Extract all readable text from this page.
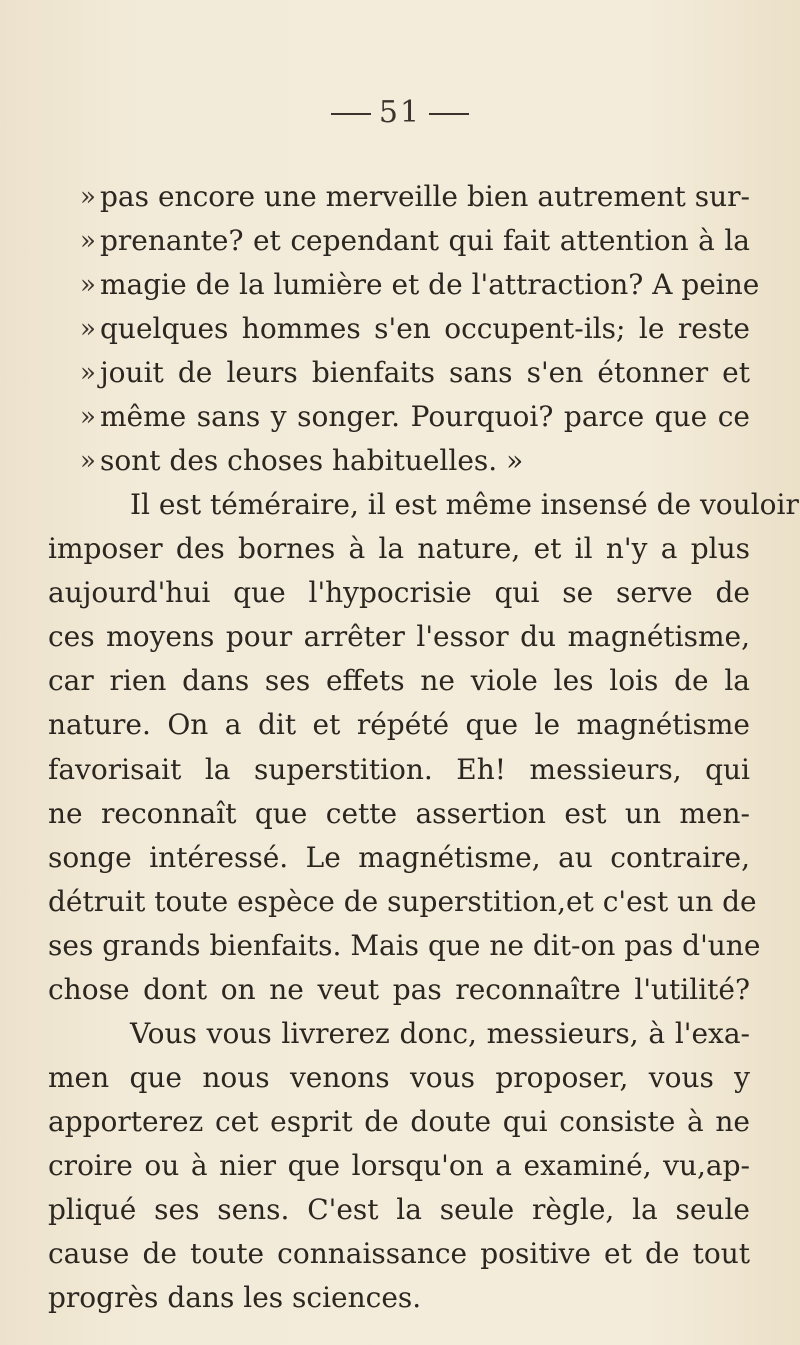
51
» pas encore une merveille bien autrement sur-
» prenante? et cependant qui fait attention à la
» magie de la lumière et de l'attraction? A peine
» quelques hommes s'en occupent-ils; le reste
» jouit de leurs bienfaits sans s'en étonner et
» même sans y songer. Pourquoi? parce que ce
» sont des choses habituelles. »
Il est téméraire, il est même insensé de vouloir
imposer des bornes à la nature, et il n'y a plus
aujourd'hui que l'hypocrisie qui se serve de
ces moyens pour arrêter l'essor du magnétisme,
car rien dans ses effets ne viole les lois de la
nature. On a dit et répété que le magnétisme
favorisait la superstition. Eh! messieurs, qui
ne reconnaît que cette assertion est un men-
songe intéressé. Le magnétisme, au contraire,
détruit toute espèce de superstition,et c'est un de
ses grands bienfaits. Mais que ne dit-on pas d'une
chose dont on ne veut pas reconnaître l'utilité?
Vous vous livrerez donc, messieurs, à l'exa-
men que nous venons vous proposer, vous y
apporterez cet esprit de doute qui consiste à ne
croire ou à nier que lorsqu'on a examiné, vu,ap-
pliqué ses sens. C'est la seule règle, la seule
cause de toute connaissance positive et de tout
progrès dans les sciences.
